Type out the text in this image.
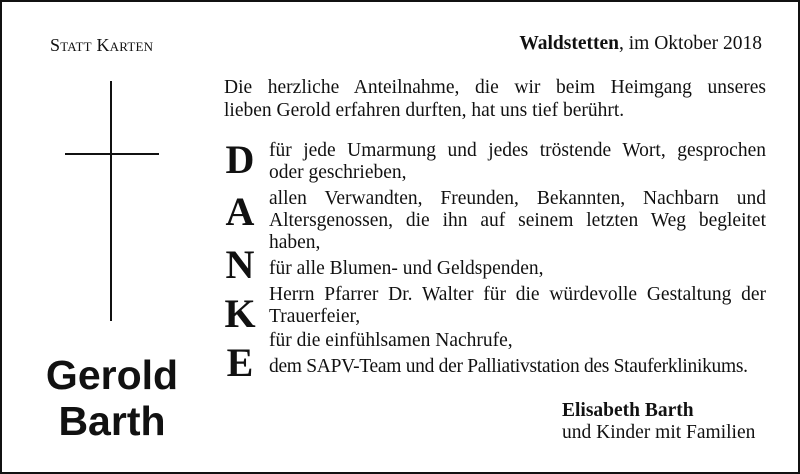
Statt Karten	Waldstetten, im Oktober 2018
Gerold
Barth
Die herzliche Anteilnahme, die wir beim Heimgang unseres
lieben Gerold erfahren durften, hat uns tief berührt.
D
A
N
K
E
für jede Umarmung und jedes tröstende Wort, gesprochen
oder geschrieben,
allen Verwandten, Freunden, Bekannten, Nachbarn und
Altersgenossen, die ihn auf seinem letzten Weg begleitet
haben,
für alle Blumen- und Geldspenden,
Herrn Pfarrer Dr. Walter für die würdevolle Gestaltung der
Trauerfeier,
für die einfühlsamen Nachrufe,
dem SAPV-Team und der Palliativstation des Stauferklinikums.
Elisabeth Barth
und Kinder mit Familien
